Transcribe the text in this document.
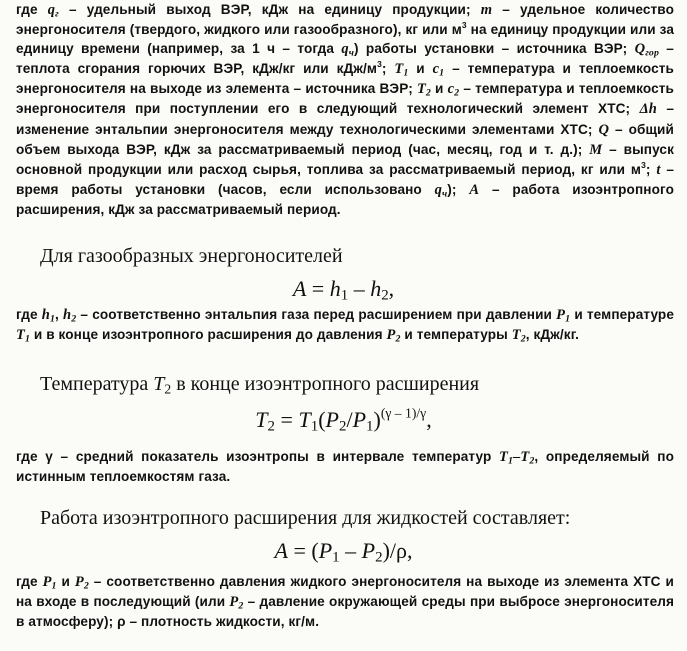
где $q_г$ – удельный выход ВЭР, кДж на единицу продукции; m – удельное количество энергоносителя (твердого, жидкого или газообразного), кг или $м^3$ на единицу продукции или за единицу времени (например, за 1 ч – тогда $q_ч$) работы установки – источника ВЭР; $Q_{гор}$ – теплота сгорания горючих ВЭР, кДж/кг или кДж/$м^3$; $T_1$ и $c_1$ – температура и теплоемкость энергоносителя на выходе из элемента – источника ВЭР; $T_2$ и $c_2$ – температура и теплоемкость энергоносителя при поступлении его в следующий технологический элемент ХТС; Δh – изменение энтальпии энергоносителя между технологическими элементами ХТС; Q – общий объем выхода ВЭР, кДж за рассматриваемый период (час, месяц, год и т. д.); M – выпуск основной продукции или расход сырья, топлива за рассматриваемый период, кг или $м^3$; t – время работы установки (часов, если использовано $q_ч$); A – работа изоэнтропного расширения, кДж за рассматриваемый период.
Для газообразных энергоносителей
$A = h_1 - h_2$,
где $h_1$, $h_2$ – соответственно энтальпия газа перед расширением при давлении $P_1$ и температуре $T_1$ и в конце изоэнтропного расширения до давления $P_2$ и температуры $T_2$, кДж/кг.
Температура $T_2$ в конце изоэнтропного расширения
$T_2 = T_1(P_2/P_1)^{(\gamma - 1)/\gamma}$,
где γ – средний показатель изоэнтропы в интервале температур $T_1-T_2$, определяемый по истинным теплоемкостям газа.
Работа изоэнтропного расширения для жидкостей составляет:
$A = (P_1 - P_2)/\rho$,
где $P_1$ и $P_2$ – соответственно давления жидкого энергоносителя на выходе из элемента ХТС и на входе в последующий (или $P_2$ – давление окружающей среды при выбросе энергоносителя в атмосферу); ρ – плотность жидкости, кг/м.
